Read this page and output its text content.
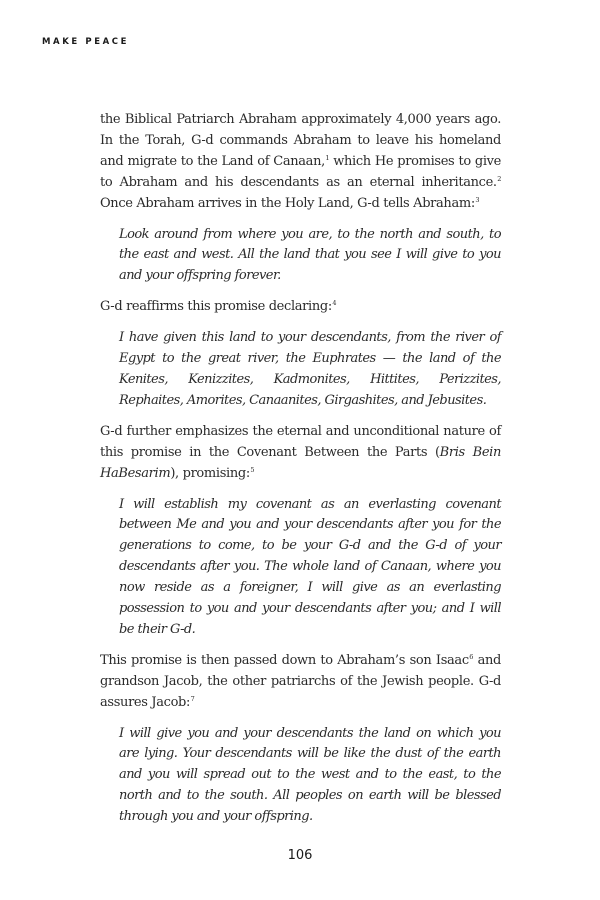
MAKE PEACE

the Biblical Patriarch Abraham approximately 4,000 years ago. In the Torah, G-d commands Abraham to leave his homeland and migrate to the Land of Canaan,$^1$ which He promises to give to Abraham and his descendants as an eternal inheritance.$^2$ Once Abraham arrives in the Holy Land, G-d tells Abraham:$^3$

Look around from where you are, to the north and south, to the east and west. All the land that you see I will give to you and your offspring forever.

G-d reaffirms this promise declaring:$^4$

I have given this land to your descendants, from the river of Egypt to the great river, the Euphrates — the land of the Kenites, Kenizzites, Kadmonites, Hittites, Perizzites, Rephaites, Amorites, Canaanites, Girgashites, and Jebusites.

G-d further emphasizes the eternal and unconditional nature of this promise in the Covenant Between the Parts (Bris Bein HaBesarim), promising:$^5$

I will establish my covenant as an everlasting covenant between Me and you and your descendants after you for the generations to come, to be your G-d and the G-d of your descendants after you. The whole land of Canaan, where you now reside as a foreigner, I will give as an everlasting possession to you and your descendants after you; and I will be their G-d.

This promise is then passed down to Abraham’s son Isaac$^6$ and grandson Jacob, the other patriarchs of the Jewish people. G-d assures Jacob:$^7$

I will give you and your descendants the land on which you are lying. Your descendants will be like the dust of the earth and you will spread out to the west and to the east, to the north and to the south. All peoples on earth will be blessed through you and your offspring.

106
